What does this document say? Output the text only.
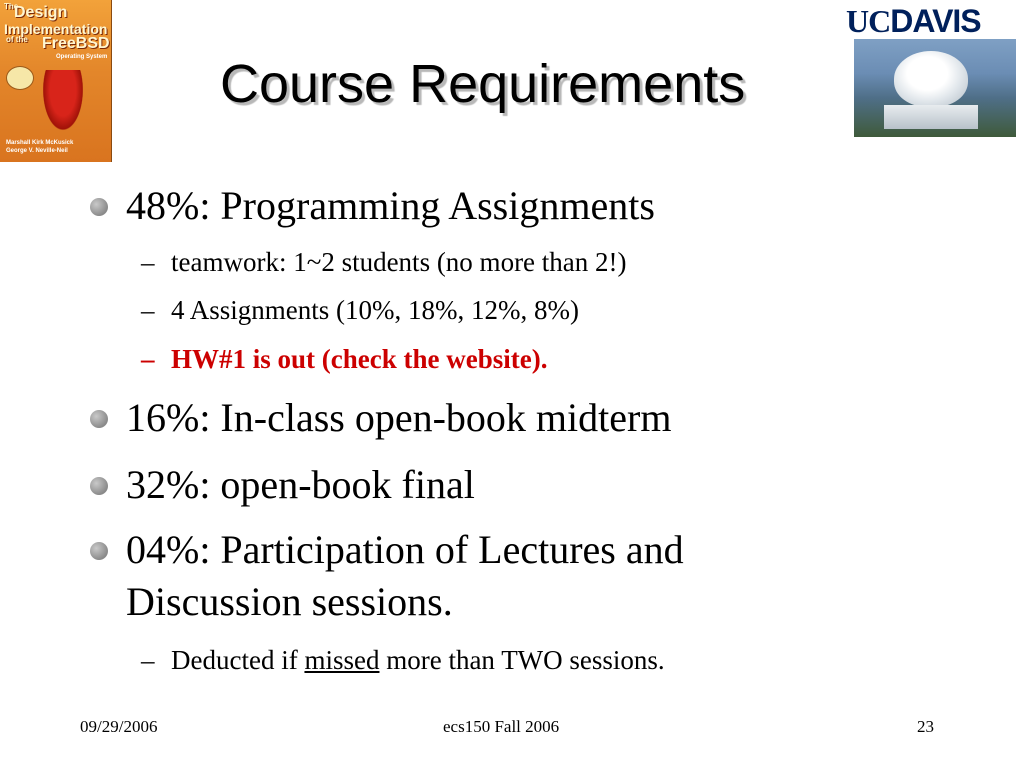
The
Design
Implementation
of the FreeBSD
Operating System
Marshall Kirk McKusick
George V. Neville-Neil
UCDAVIS
Course Requirements
48%: Programming Assignments
– teamwork: 1~2 students (no more than 2!)
– 4 Assignments (10%, 18%, 12%, 8%)
– HW#1 is out (check the website).
16%: In-class open-book midterm
32%: open-book final
04%: Participation of Lectures and
Discussion sessions.
– Deducted if missed more than TWO sessions.
09/29/2006	ecs150 Fall 2006	23
